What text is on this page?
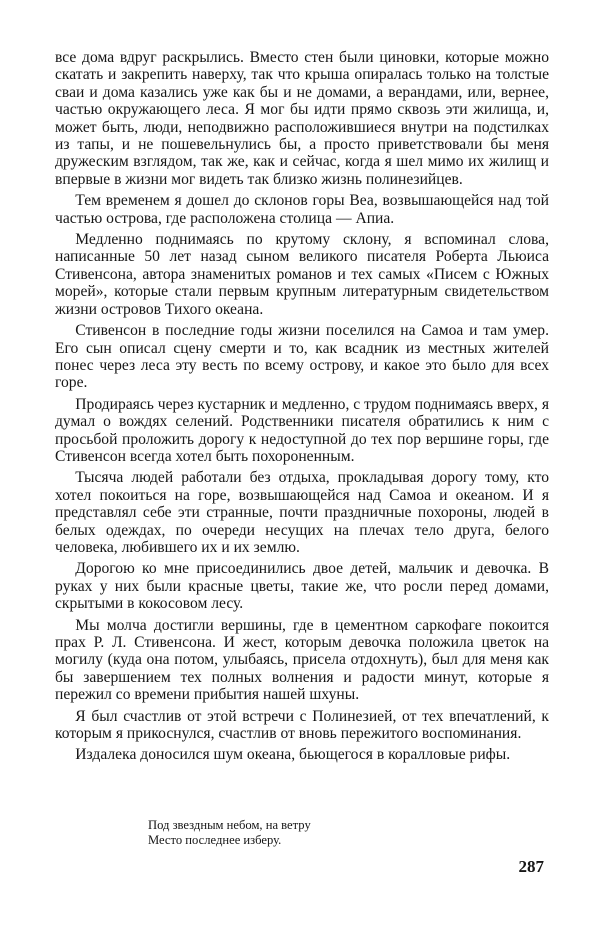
все дома вдруг раскрылись. Вместо стен были циновки, которые можно скатать и закрепить наверху, так что крыша опиралась только на толстые сваи и дома казались уже как бы и не домами, а верандами, или, вернее, частью окружающего леса. Я мог бы идти прямо сквозь эти жилища, и, может быть, люди, неподвижно расположившиеся внутри на подстилках из тапы, и не пошевельнулись бы, а просто приветствовали бы меня дружеским взглядом, так же, как и сейчас, когда я шел мимо их жилищ и впервые в жизни мог видеть так близко жизнь полинезийцев.

Тем временем я дошел до склонов горы Веа, возвышающейся над той частью острова, где расположена столица — Апиа.

Медленно поднимаясь по крутому склону, я вспоминал слова, написанные 50 лет назад сыном великого писателя Роберта Льюиса Стивенсона, автора знаменитых романов и тех самых «Писем с Южных морей», которые стали первым крупным литературным свидетельством жизни островов Тихого океана.

Стивенсон в последние годы жизни поселился на Самоа и там умер. Его сын описал сцену смерти и то, как всадник из местных жителей понес через леса эту весть по всему острову, и какое это было для всех горе.

Продираясь через кустарник и медленно, с трудом поднимаясь вверх, я думал о вождях селений. Родственники писателя обратились к ним с просьбой проложить дорогу к недоступной до тех пор вершине горы, где Стивенсон всегда хотел быть похороненным.

Тысяча людей работали без отдыха, прокладывая дорогу тому, кто хотел покоиться на горе, возвышающейся над Самоа и океаном. И я представлял себе эти странные, почти праздничные похороны, людей в белых одеждах, по очереди несущих на плечах тело друга, белого человека, любившего их и их землю.

Дорогою ко мне присоединились двое детей, мальчик и девочка. В руках у них были красные цветы, такие же, что росли перед домами, скрытыми в кокосовом лесу.

Мы молча достигли вершины, где в цементном саркофаге покоится прах Р. Л. Стивенсона. И жест, которым девочка положила цветок на могилу (куда она потом, улыбаясь, присела отдохнуть), был для меня как бы завершением тех полных волнения и радости минут, которые я пережил со времени прибытия нашей шхуны.

Я был счастлив от этой встречи с Полинезией, от тех впечатлений, к которым я прикоснулся, счастлив от вновь пережитого воспоминания.

Издалека доносился шум океана, бьющегося в коралловые рифы.

Под звездным небом, на ветру
Место последнее изберу.

287
